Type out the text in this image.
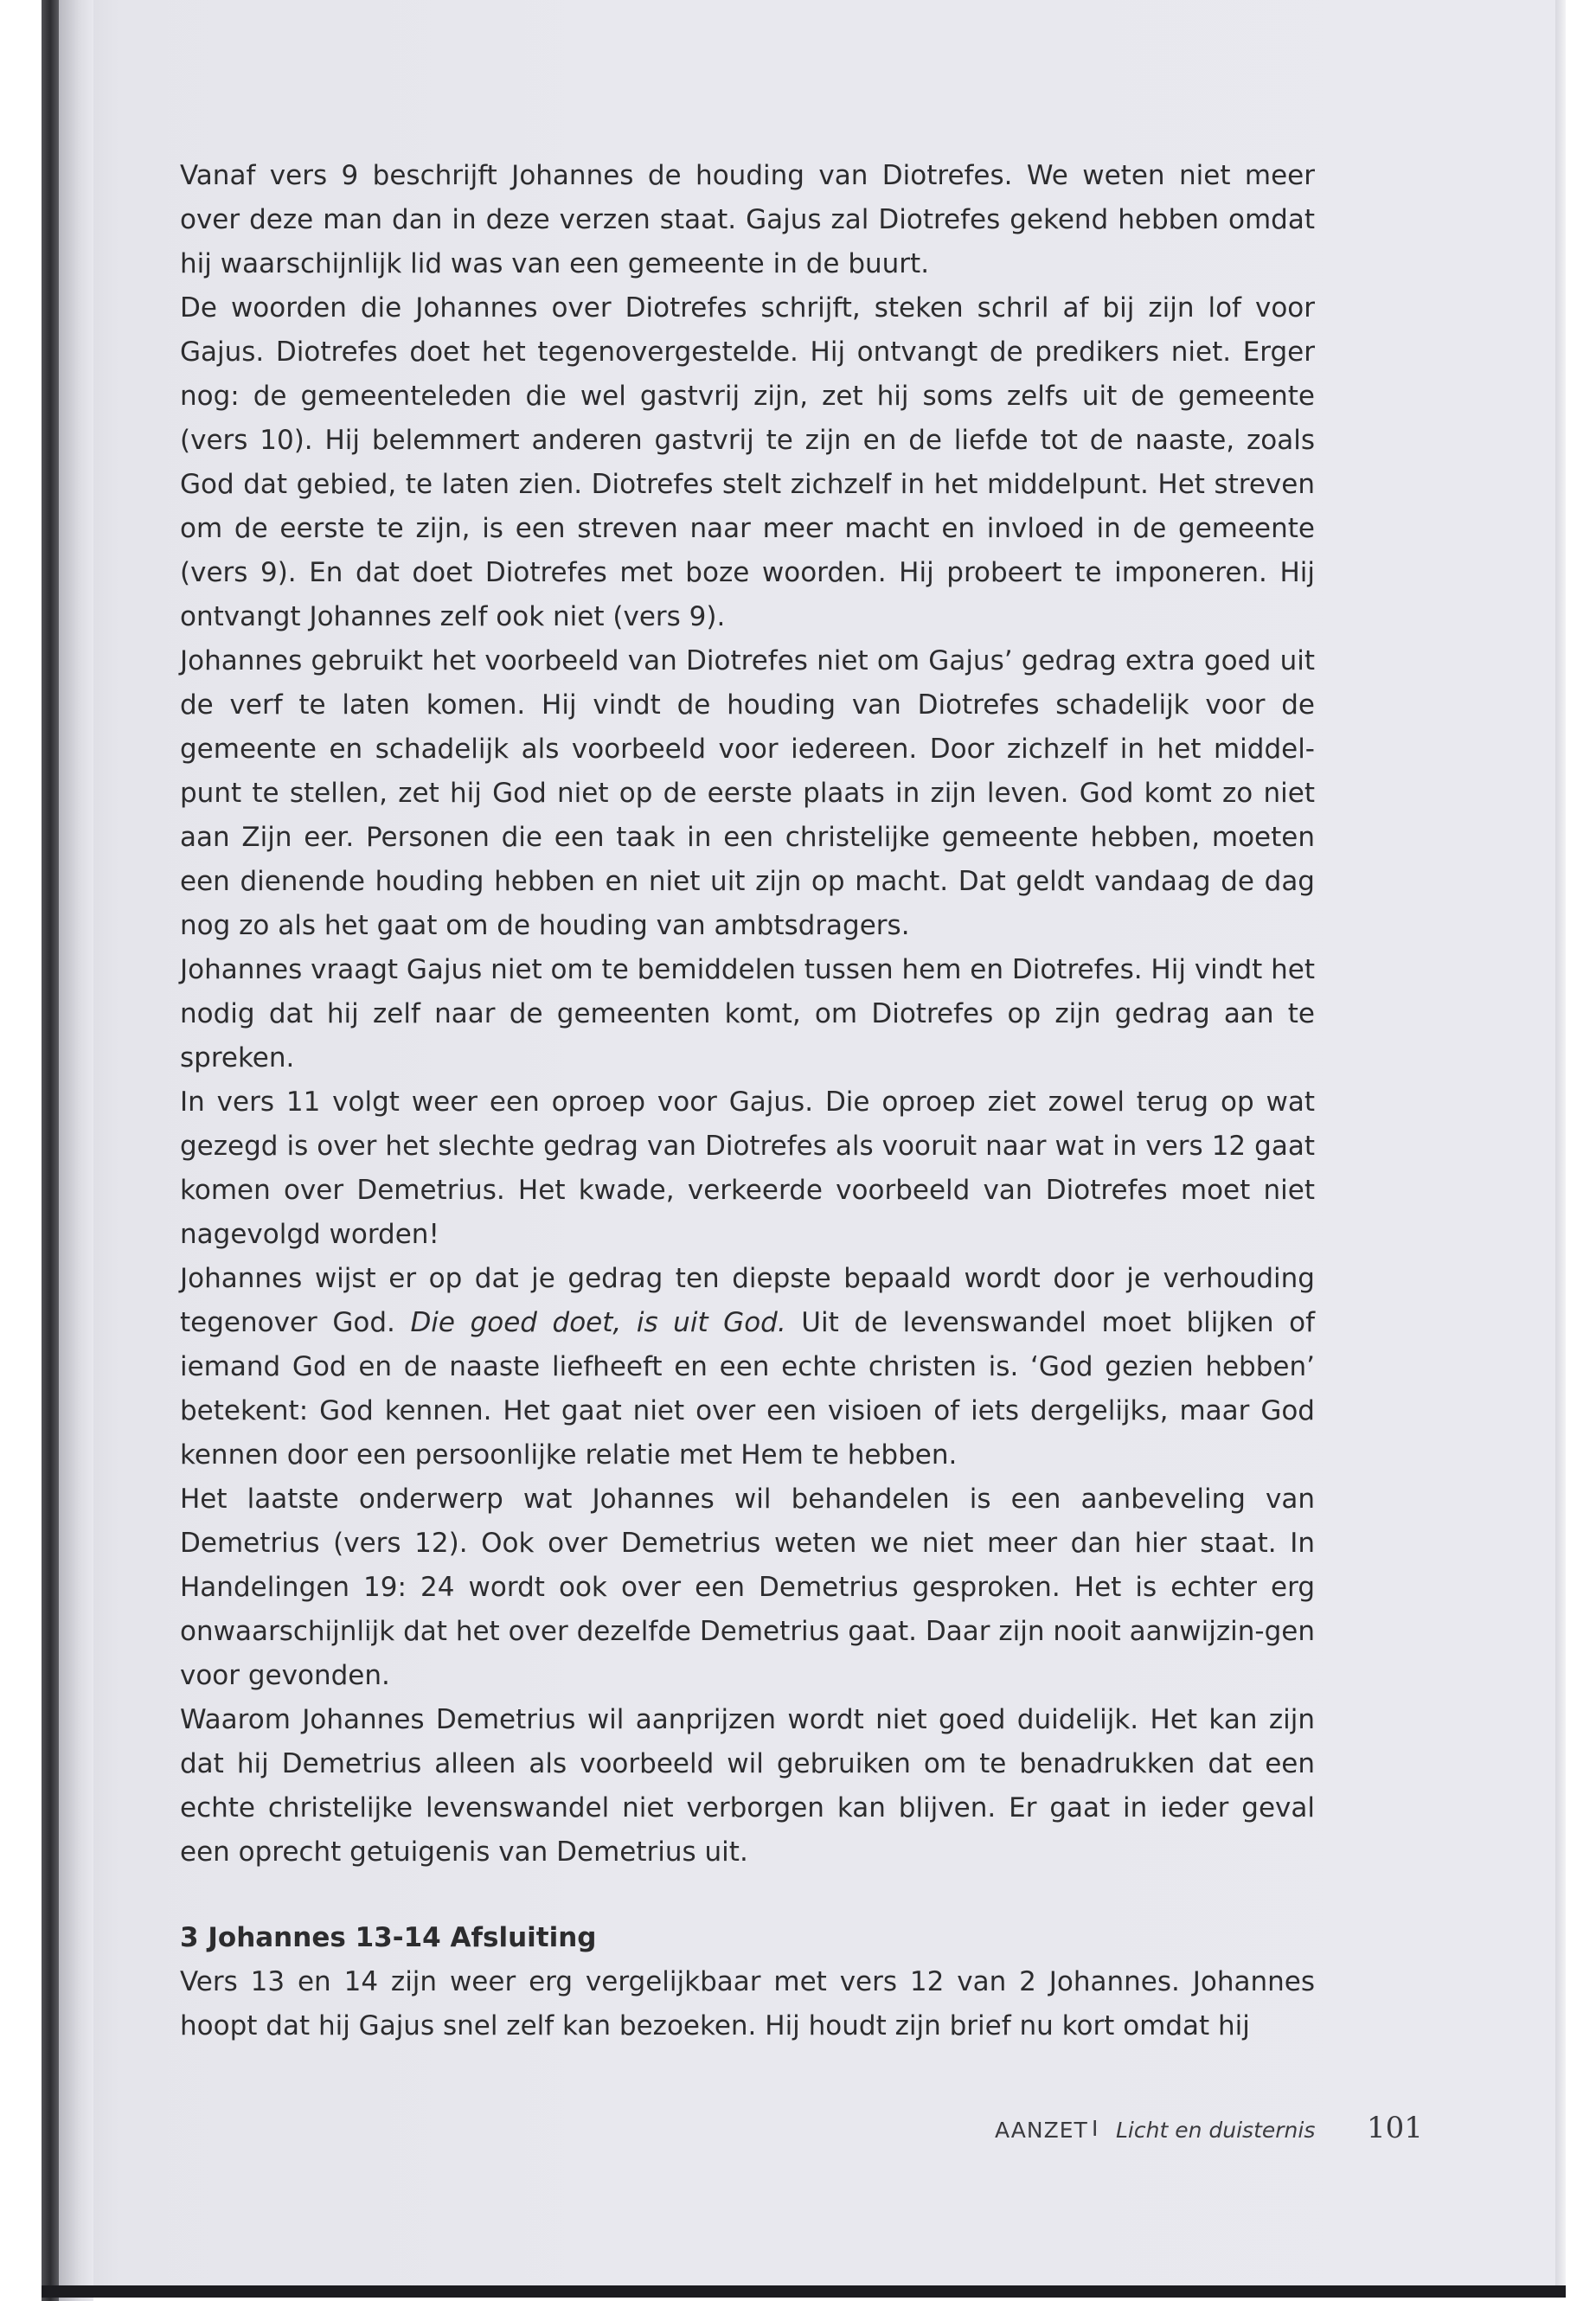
Vanaf vers 9 beschrijft Johannes de houding van Diotrefes. We weten niet meer over deze man dan in deze verzen staat. Gajus zal Diotrefes gekend hebben omdat hij waarschijnlijk lid was van een gemeente in de buurt.

De woorden die Johannes over Diotrefes schrijft, steken schril af bij zijn lof voor Gajus. Diotrefes doet het tegenovergestelde. Hij ontvangt de predikers niet. Erger nog: de gemeenteleden die wel gastvrij zijn, zet hij soms zelfs uit de gemeente (vers 10). Hij belemmert anderen gastvrij te zijn en de liefde tot de naaste, zoals God dat gebied, te laten zien. Diotrefes stelt zichzelf in het middelpunt. Het streven om de eerste te zijn, is een streven naar meer macht en invloed in de gemeente (vers 9). En dat doet Diotrefes met boze woorden. Hij probeert te imponeren. Hij ontvangt Johannes zelf ook niet (vers 9).

Johannes gebruikt het voorbeeld van Diotrefes niet om Gajus’ gedrag extra goed uit de verf te laten komen. Hij vindt de houding van Diotrefes schadelijk voor de gemeente en schadelijk als voorbeeld voor iedereen. Door zichzelf in het middel-punt te stellen, zet hij God niet op de eerste plaats in zijn leven. God komt zo niet aan Zijn eer. Personen die een taak in een christelijke gemeente hebben, moeten een dienende houding hebben en niet uit zijn op macht. Dat geldt vandaag de dag nog zo als het gaat om de houding van ambtsdragers.

Johannes vraagt Gajus niet om te bemiddelen tussen hem en Diotrefes. Hij vindt het nodig dat hij zelf naar de gemeenten komt, om Diotrefes op zijn gedrag aan te spreken.

In vers 11 volgt weer een oproep voor Gajus. Die oproep ziet zowel terug op wat gezegd is over het slechte gedrag van Diotrefes als vooruit naar wat in vers 12 gaat komen over Demetrius. Het kwade, verkeerde voorbeeld van Diotrefes moet niet nagevolgd worden!

Johannes wijst er op dat je gedrag ten diepste bepaald wordt door je verhouding tegenover God. Die goed doet, is uit God. Uit de levenswandel moet blijken of iemand God en de naaste liefheeft en een echte christen is. ‘God gezien hebben’ betekent: God kennen. Het gaat niet over een visioen of iets dergelijks, maar God kennen door een persoonlijke relatie met Hem te hebben.

Het laatste onderwerp wat Johannes wil behandelen is een aanbeveling van Demetrius (vers 12). Ook over Demetrius weten we niet meer dan hier staat. In Handelingen 19: 24 wordt ook over een Demetrius gesproken. Het is echter erg onwaarschijnlijk dat het over dezelfde Demetrius gaat. Daar zijn nooit aanwijzin-gen voor gevonden.

Waarom Johannes Demetrius wil aanprijzen wordt niet goed duidelijk. Het kan zijn dat hij Demetrius alleen als voorbeeld wil gebruiken om te benadrukken dat een echte christelijke levenswandel niet verborgen kan blijven. Er gaat in ieder geval een oprecht getuigenis van Demetrius uit.

3 Johannes 13-14 Afsluiting

Vers 13 en 14 zijn weer erg vergelijkbaar met vers 12 van 2 Johannes. Johannes hoopt dat hij Gajus snel zelf kan bezoeken. Hij houdt zijn brief nu kort omdat hij

AANZET I Licht en duisternis 101
